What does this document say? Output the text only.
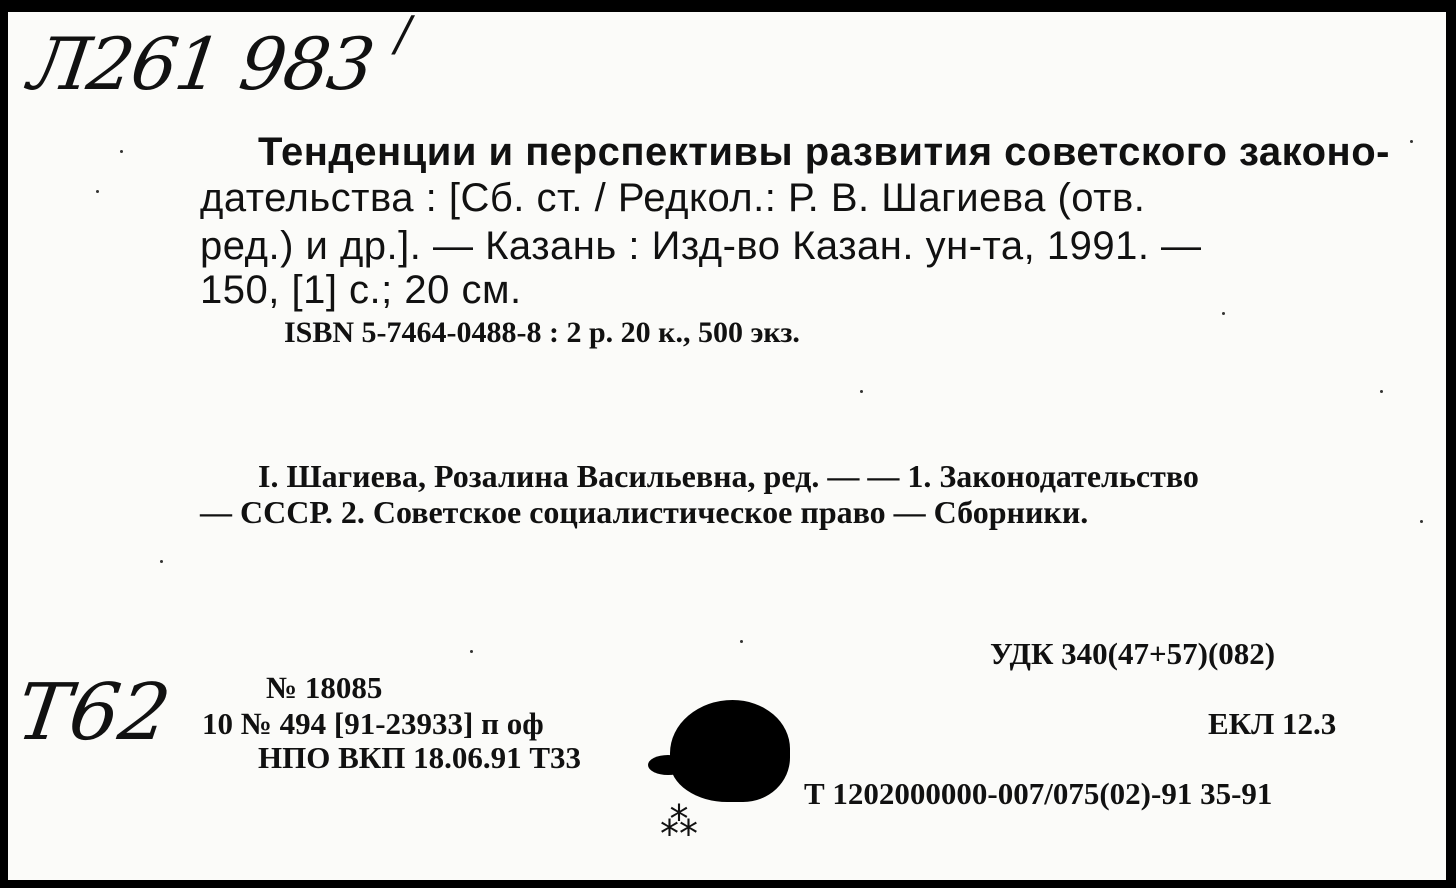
Л261 983 /
Т62
Тенденции и перспективы развития советского законо-
дательства : [Сб. ст. / Редкол.: Р. В. Шагиева (отв.
ред.) и др.]. — Казань : Изд-во Казан. ун-та, 1991. —
150, [1] с.; 20 см.
ISBN 5-7464-0488-8 : 2 р. 20 к., 500 экз.
I. Шагиева, Розалина Васильевна, ред. — — 1. Законодательство
— СССР. 2. Советское социалистическое право — Сборники.
УДК 340(47+57)(082)
№ 18085
10 № 494 [91-23933] п оф	ЕКЛ 12.3
НПО ВКП 18.06.91 Т33
Т 1202000000-007/075(02)-91 35-91
⁂
